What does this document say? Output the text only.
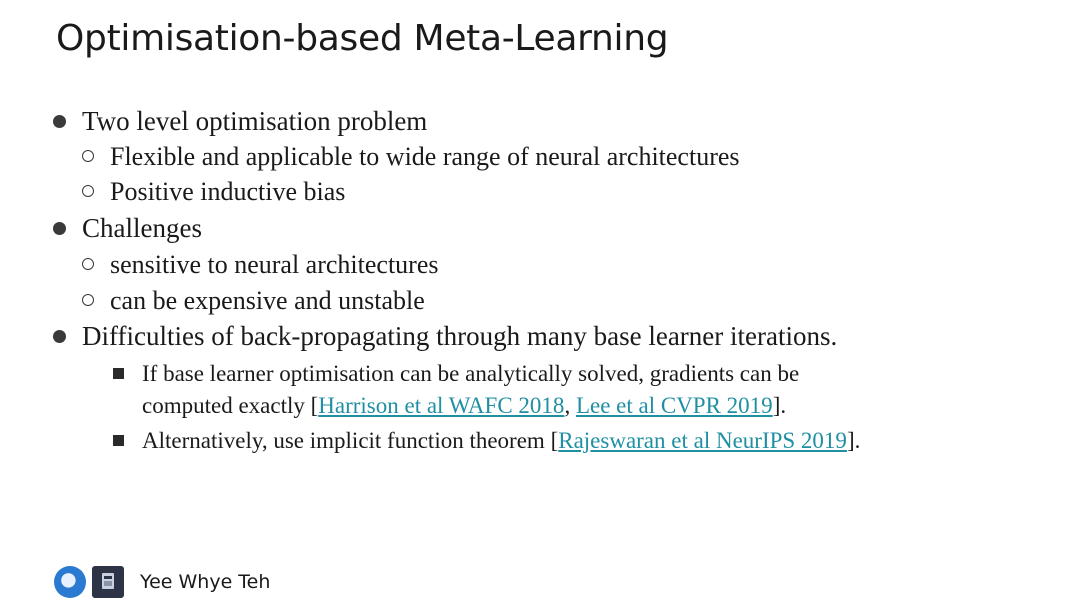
Optimisation-based Meta-Learning
Two level optimisation problem
Flexible and applicable to wide range of neural architectures
Positive inductive bias
Challenges
sensitive to neural architectures
can be expensive and unstable
Difficulties of back-propagating through many base learner iterations.
If base learner optimisation can be analytically solved, gradients can be
computed exactly [Harrison et al WAFC 2018, Lee et al CVPR 2019].
Alternatively, use implicit function theorem [ Rajeswaran et al NeurIPS 2019 ].
Yee Whye Teh
